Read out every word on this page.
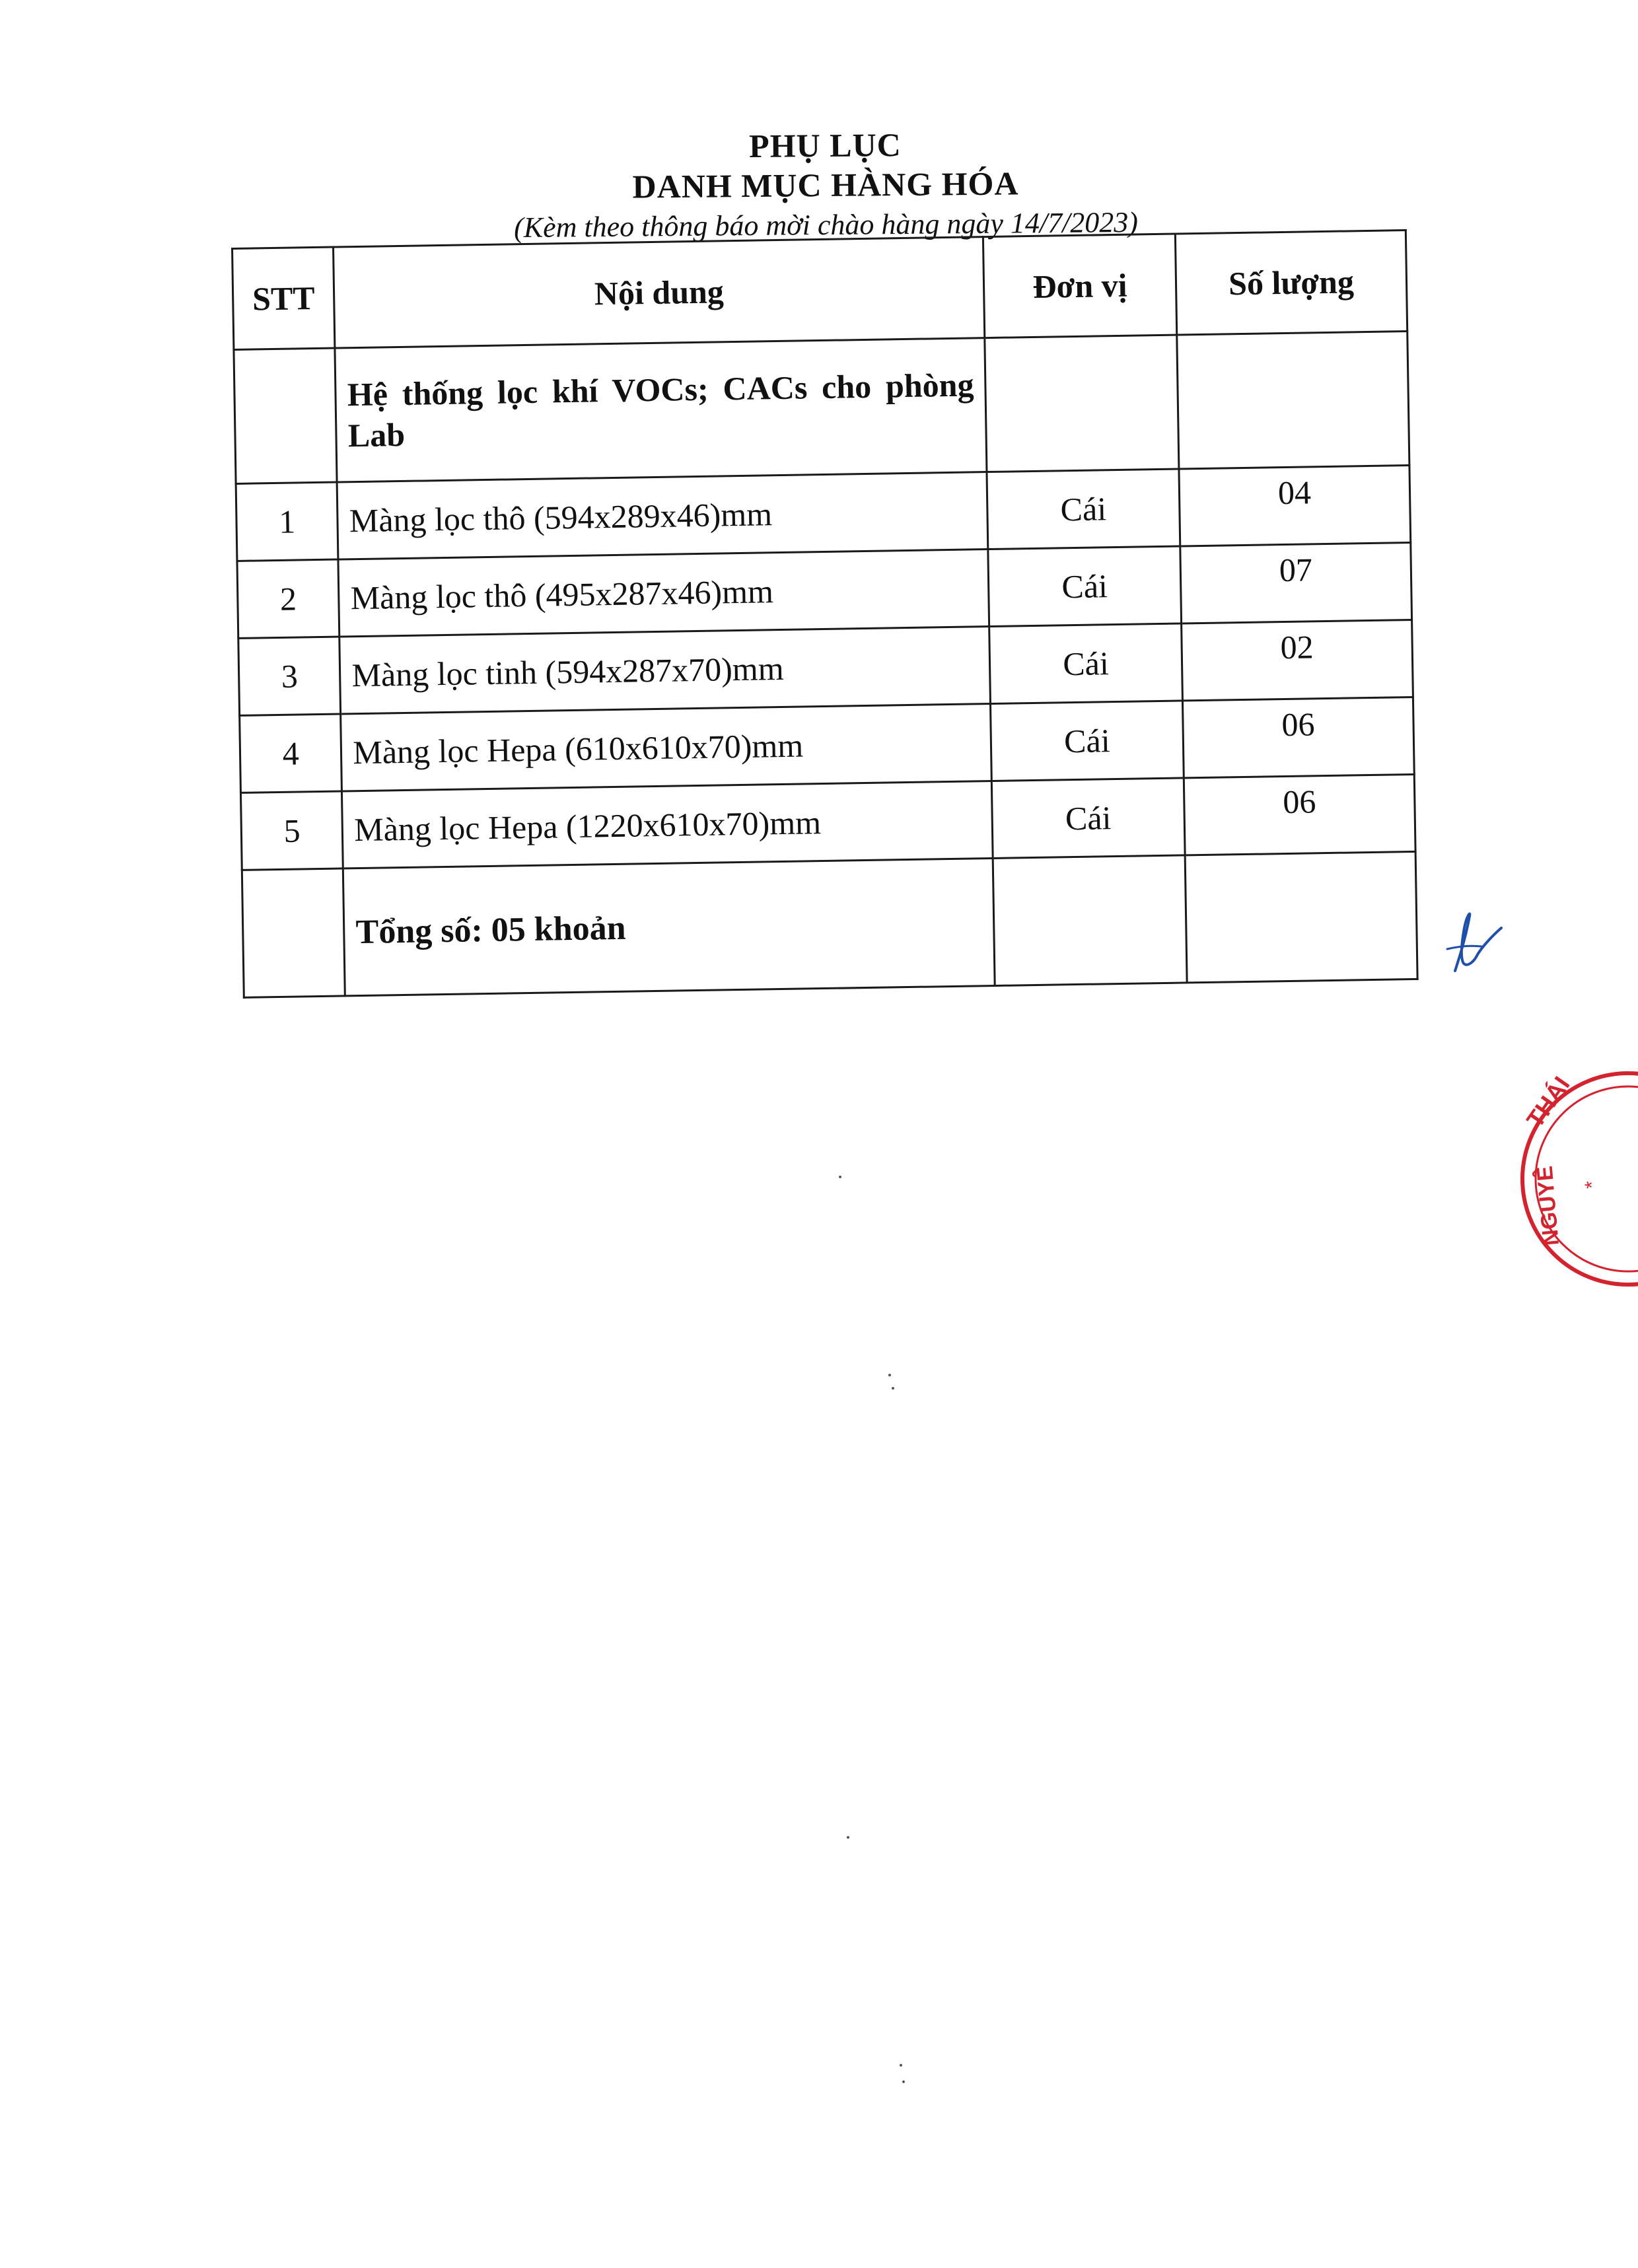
PHỤ LỤC
DANH MỤC HÀNG HÓA
(Kèm theo thông báo mời chào hàng ngày 14/7/2023)
STT	Nội dung	Đơn vị	Số lượng
	Hệ thống lọc khí VOCs; CACs cho phòng Lab		
1	Màng lọc thô (594x289x46)mm	Cái	04
2	Màng lọc thô (495x287x46)mm	Cái	07
3	Màng lọc tinh (594x287x70)mm	Cái	02
4	Màng lọc Hepa (610x610x70)mm	Cái	06
5	Màng lọc Hepa (1220x610x70)mm	Cái	06
	Tổng số: 05 khoản		
THÁI
NGUYÊ *
